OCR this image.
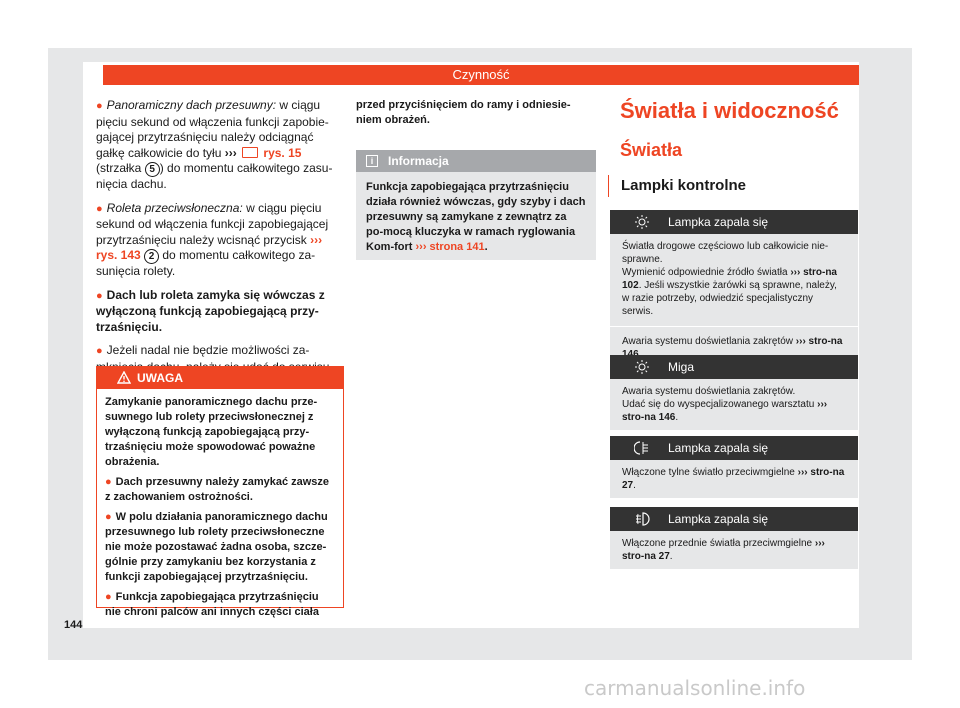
Czynność

● Panoramiczny dach przesuwny: w ciągu pięciu sekund od włączenia funkcji zapobie-gającej przytrzaśnięciu należy odciągnąć gałkę całkowicie do tyłu ›››  rys. 15 (strzałka 5 ) do momentu całkowitego zasu-nięcia dachu.

● Roleta przeciwsłoneczna: w ciągu pięciu sekund od włączenia funkcji zapobiegającej przytrzaśnięciu należy wcisnąć przycisk ››› rys. 143 2 do momentu całkowitego za-sunięcia rolety.

● Dach lub roleta zamyka się wówczas z wyłączoną funkcją zapobiegającą przy-trzaśnięciu.

● Jeżeli nadal nie będzie możliwości za-

UWAGA

Zamykanie panoramicznego dachu prze-suwnego lub rolety przeciwsłonecznej z wyłączoną funkcją zapobiegającą przy-trzaśnięciu może spowodować poważne obrażenia.

● Dach przesuwny należy zamykać zawsze z zachowaniem ostrożności.

● W polu działania panoramicznego dachu przesuwnego lub rolety przeciwsłoneczne nie może pozostawać żadna osoba, szcze-gólnie przy zamykaniu bez korzystania z funkcji zapobiegającej przytrzaśnięciu.

● Funkcja zapobiegająca przytrzaśnięciu nie chroni palców ani innych części ciała

przed przyciśnięciem do ramy i odniesie-niem obrażeń.

i	Informacja
Funkcja zapobiegająca przytrzaśnięciu działa również wówczas, gdy szyby i dach przesuwny są zamykane z zewnątrz za po-mocą kluczyka w ramach ryglowania Kom-fort ››› strona 141.
144
Światła i widoczność
Światła
Lampki kontrolne
Lampka zapala się

Światła drogowe częściowo lub całkowicie nie-sprawne.

Wymienić odpowiednie źródło światła ››› stro-na 102. Jeśli wszystkie żarówki są sprawne, należy, w razie potrzeby, odwiedzić specjalistyczny serwis.

Awaria systemu doświetlania zakrętów ››› stro-na

Miga

Awaria systemu doświetlania zakrętów.

Udać się do wyspecjalizowanego warsztatu ››› stro-na 146.

Lampka zapala się

Włączone tylne światło przeciwmgielne ››› stro-na 27.

Lampka zapala się

Włączone przednie światła przeciwmgielne ››› stro-na 27.

carmanualsonline.info
